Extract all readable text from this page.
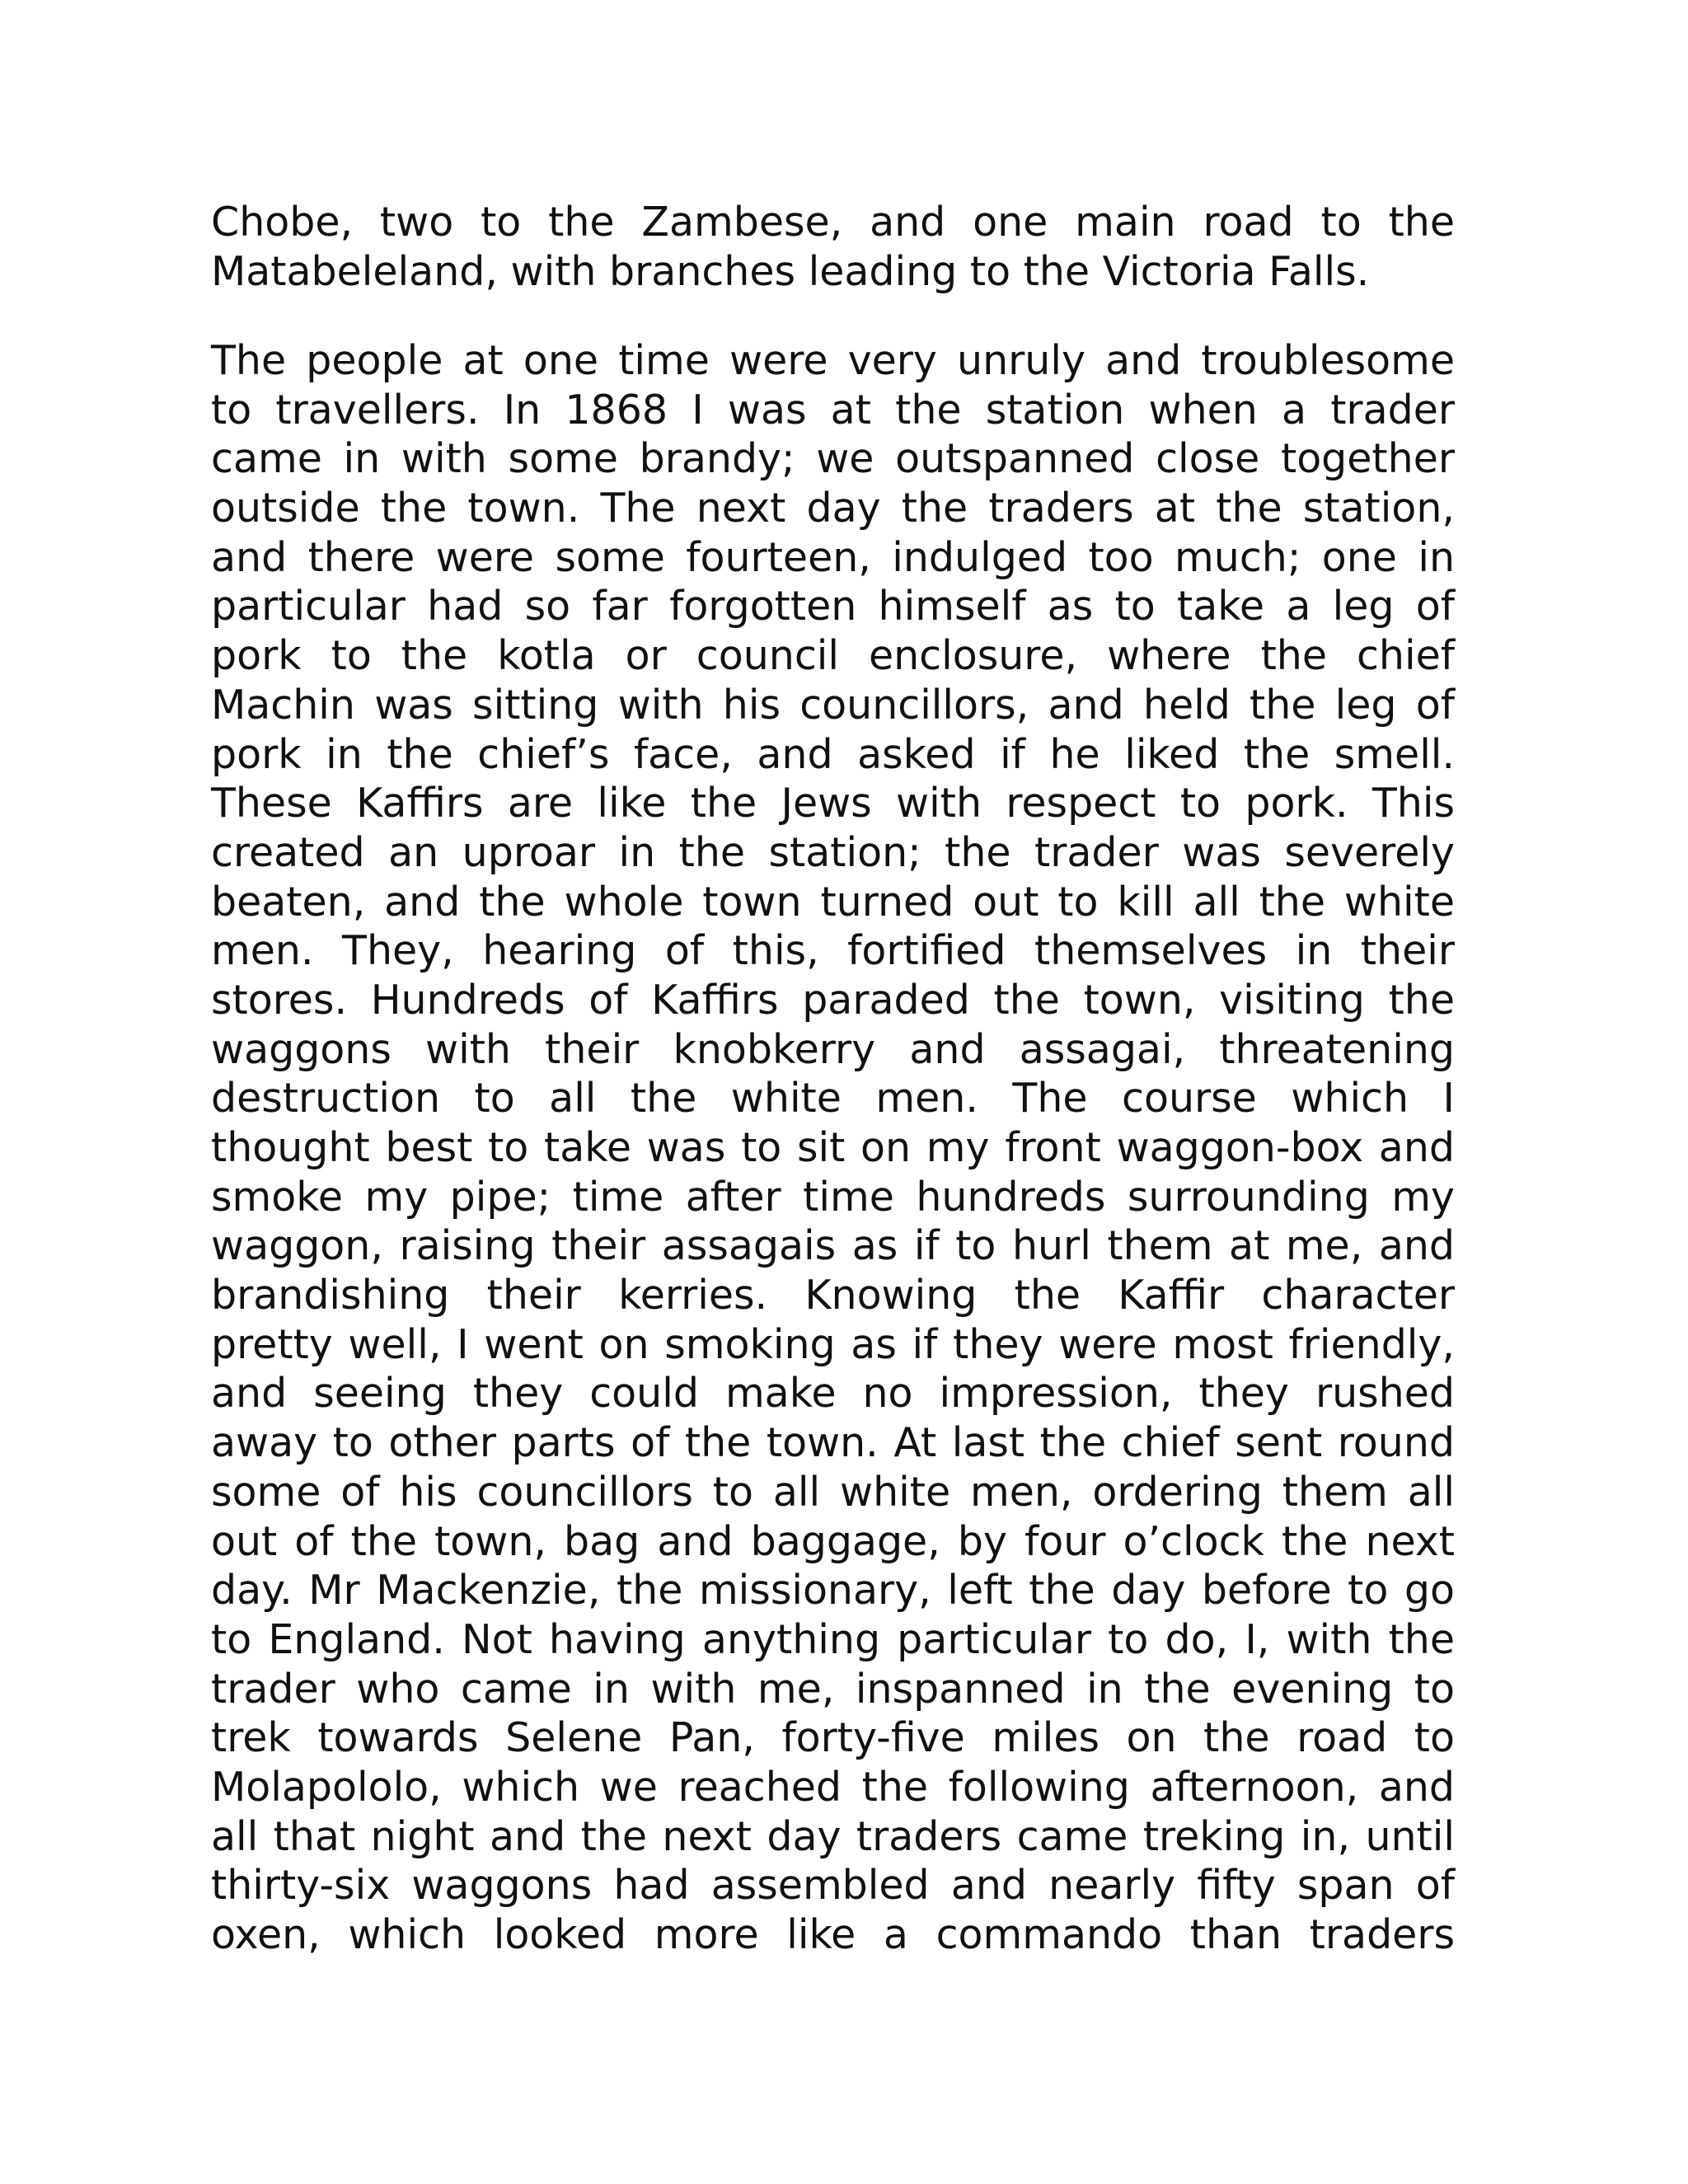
Chobe, two to the Zambese, and one main road to the
Matabeleland, with branches leading to the Victoria Falls.
The people at one time were very unruly and troublesome
to travellers. In 1868 I was at the station when a trader
came in with some brandy; we outspanned close together
outside the town. The next day the traders at the station,
and there were some fourteen, indulged too much; one in
particular had so far forgotten himself as to take a leg of
pork to the kotla or council enclosure, where the chief
Machin was sitting with his councillors, and held the leg of
pork in the chief’s face, and asked if he liked the smell.
These Kaffirs are like the Jews with respect to pork. This
created an uproar in the station; the trader was severely
beaten, and the whole town turned out to kill all the white
men. They, hearing of this, fortified themselves in their
stores. Hundreds of Kaffirs paraded the town, visiting the
waggons with their knobkerry and assagai, threatening
destruction to all the white men. The course which I
thought best to take was to sit on my front waggon-box and
smoke my pipe; time after time hundreds surrounding my
waggon, raising their assagais as if to hurl them at me, and
brandishing their kerries. Knowing the Kaffir character
pretty well, I went on smoking as if they were most friendly,
and seeing they could make no impression, they rushed
away to other parts of the town. At last the chief sent round
some of his councillors to all white men, ordering them all
out of the town, bag and baggage, by four o’clock the next
day. Mr Mackenzie, the missionary, left the day before to go
to England. Not having anything particular to do, I, with the
trader who came in with me, inspanned in the evening to
trek towards Selene Pan, forty-five miles on the road to
Molapololo, which we reached the following afternoon, and
all that night and the next day traders came treking in, until
thirty-six waggons had assembled and nearly fifty span of
oxen, which looked more like a commando than traders
